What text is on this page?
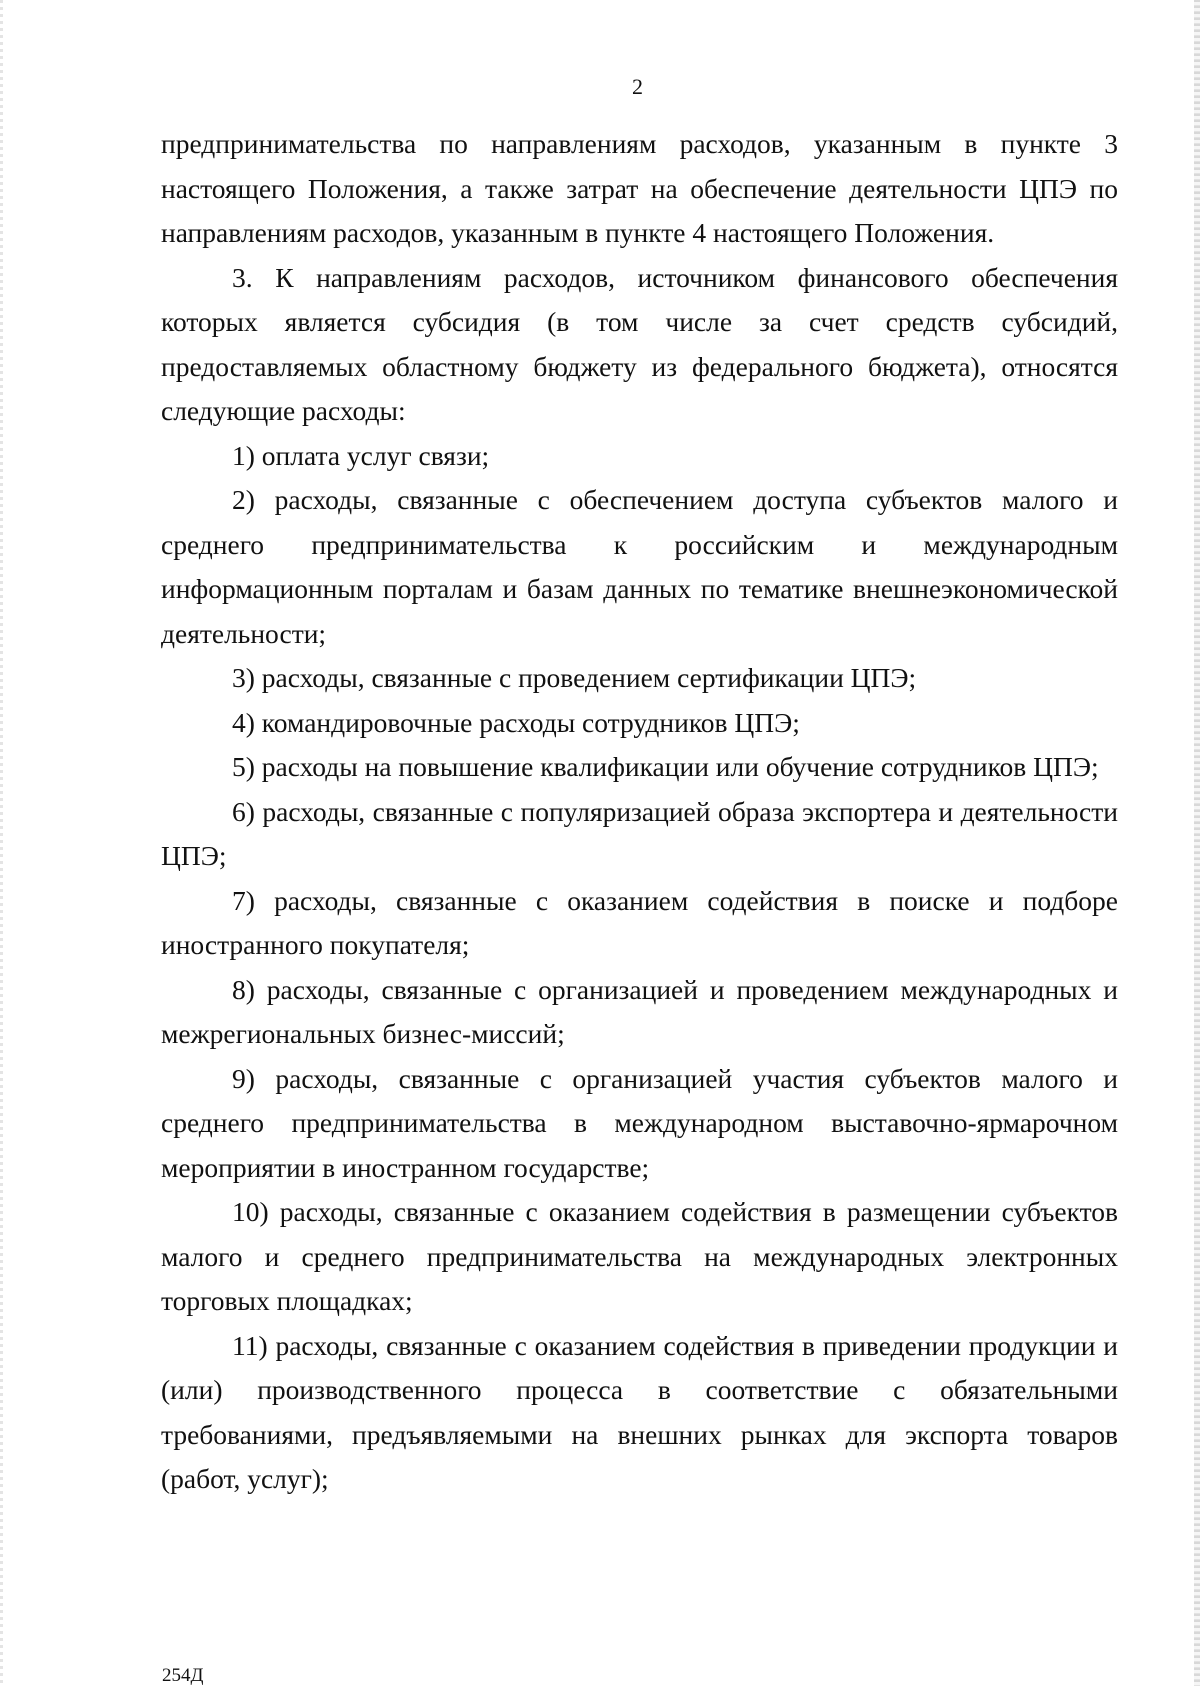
2

предпринимательства по направлениям расходов, указанным в пункте 3 настоящего Положения, а также затрат на обеспечение деятельности ЦПЭ по направлениям расходов, указанным в пункте 4 настоящего Положения.

3. К направлениям расходов, источником финансового обеспечения которых является субсидия (в том числе за счет средств субсидий, предоставляемых областному бюджету из федерального бюджета), относятся следующие расходы:

1) оплата услуг связи;

2) расходы, связанные с обеспечением доступа субъектов малого и среднего предпринимательства к российским и международным информационным порталам и базам данных по тематике внешнеэкономической деятельности;

3) расходы, связанные с проведением сертификации ЦПЭ;

4) командировочные расходы сотрудников ЦПЭ;

5) расходы на повышение квалификации или обучение сотрудников ЦПЭ;

6) расходы, связанные с популяризацией образа экспортера и деятельности ЦПЭ;

7) расходы, связанные с оказанием содействия в поиске и подборе иностранного покупателя;

8) расходы, связанные с организацией и проведением международных и межрегиональных бизнес-миссий;

9) расходы, связанные с организацией участия субъектов малого и среднего предпринимательства в международном выставочно-ярмарочном мероприятии в иностранном государстве;

10) расходы, связанные с оказанием содействия в размещении субъектов малого и среднего предпринимательства на международных электронных торговых площадках;

11) расходы, связанные с оказанием содействия в приведении продукции и (или) производственного процесса в соответствие с обязательными требованиями, предъявляемыми на внешних рынках для экспорта товаров (работ, услуг);

254Д
